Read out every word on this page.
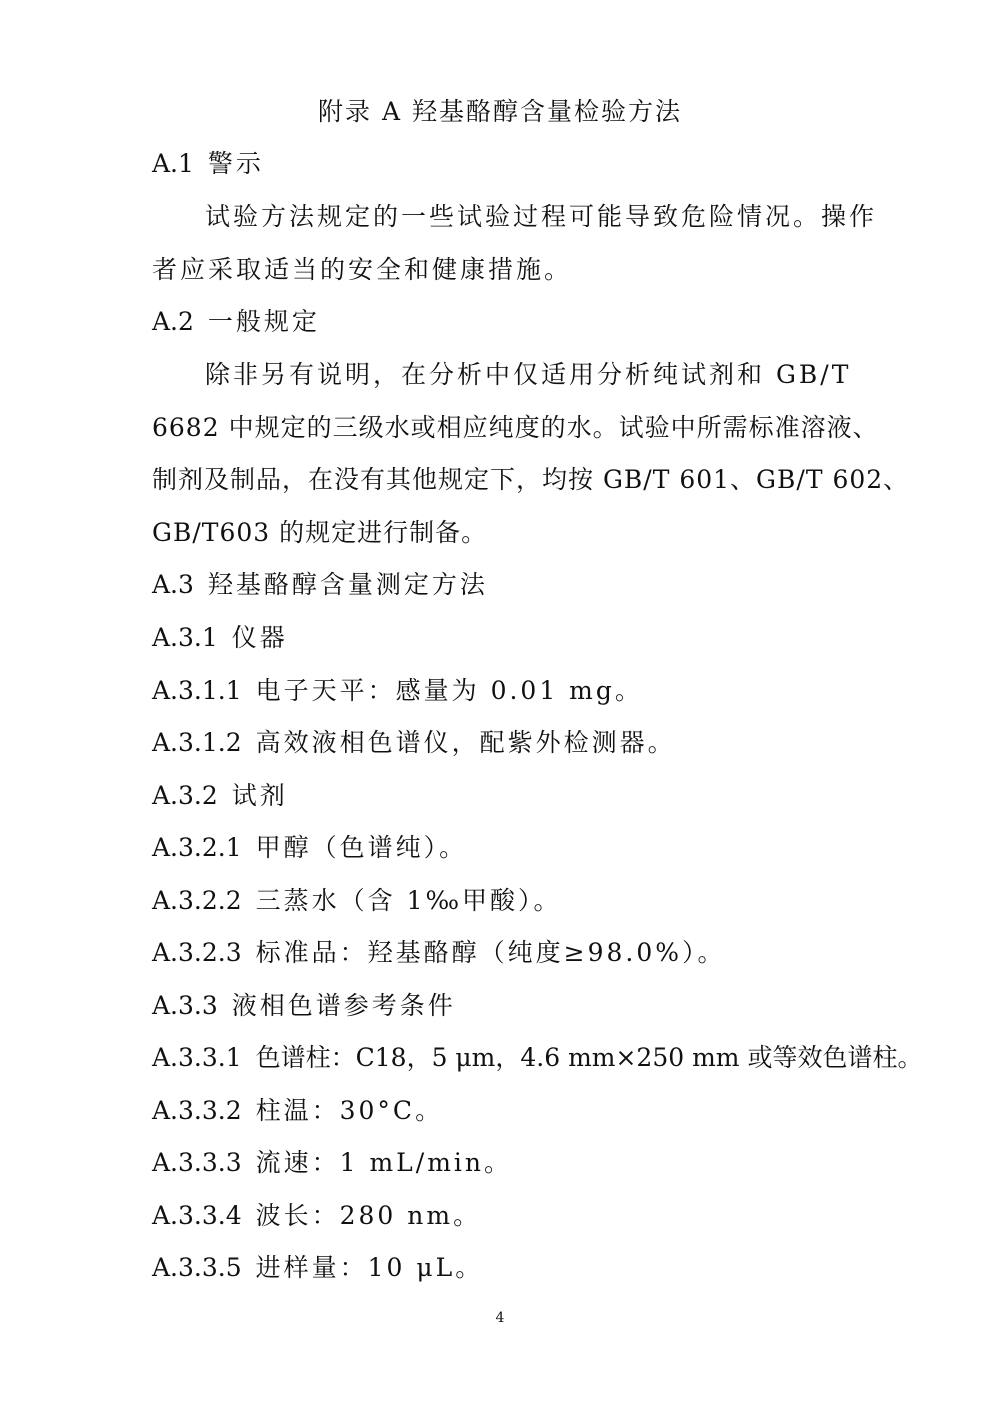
附录 A 羟基酪醇含量检验方法
A.1 警示
试验方法规定的一些试验过程可能导致危险情况。操作
者应采取适当的安全和健康措施。
A.2 一般规定
除非另有说明，在分析中仅适用分析纯试剂和 GB/T
6682 中规定的三级水或相应纯度的水。试验中所需标准溶液、
制剂及制品，在没有其他规定下，均按 GB/T 601、GB/T 602、
GB/T603 的规定进行制备。
A.3 羟基酪醇含量测定方法
A.3.1 仪器
A.3.1.1 电子天平：感量为 0.01 mg。
A.3.1.2 高效液相色谱仪，配紫外检测器。
A.3.2 试剂
A.3.2.1 甲醇（色谱纯）。
A.3.2.2 三蒸水（含 1‰甲酸）。
A.3.2.3 标准品：羟基酪醇（纯度≥98.0%）。
A.3.3 液相色谱参考条件
A.3.3.1 色谱柱：C18，5 μm，4.6 mm×250 mm 或等效色谱柱。
A.3.3.2 柱温：30°C。
A.3.3.3 流速：1 mL/min。
A.3.3.4 波长：280 nm。
A.3.3.5 进样量：10 μL。
4
